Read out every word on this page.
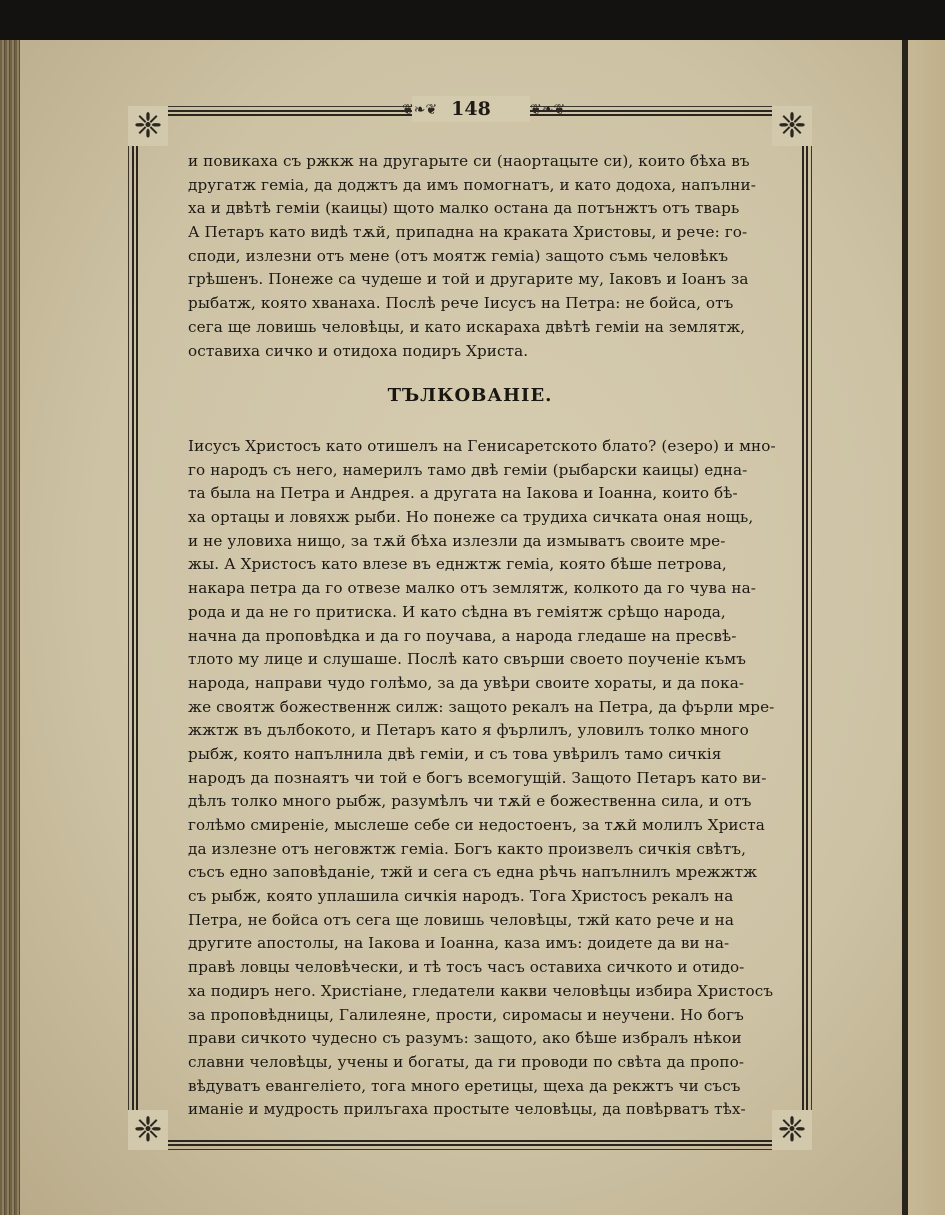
❈	❈
❈	❈
148
❦❧❦	❦❧❦
и повикаха съ ржкж на другарыте си (наортацыте си), които бѣха въ
другатж гемiа, да доджтъ да имъ помогнатъ, и като додоха, напълни-
ха и двѣтѣ гемiи (каицы) щото малко остана да потънжтъ отъ тварь
А Петаръ като видѣ тѫй, припадна на краката Христовы, и рече: го-
споди, излезни отъ мене (отъ моятж гемiа) защото съмь человѣкъ
грѣшенъ. Понеже са чудеше и той и другарите му, Iаковъ и Iоанъ за
рыбатж, която хванаха. Послѣ рече Iисусъ на Петра: не бойса, отъ
сега ще ловишь человѣцы, и като искараха двѣтѣ гемiи на землятж,
оставиха сичко и отидоха подиръ Христа.
ТЪЛКОВАНIЕ.
Iисусъ Христосъ като отишелъ на Генисаретското блато? (езеро) и мно-
го народъ съ него, намерилъ тамо двѣ гемiи (рыбарски каицы) една-
та была на Петра и Андрея. а другата на Iакова и Iоанна, които бѣ-
ха ортацы и ловяхж рыби. Но понеже са трудиха сичката оная нощь,
и не уловиха нищо, за тѫй бѣха излезли да измыватъ своите мре-
жы. А Христосъ като влезе въ еднжтж гемiа, която бѣше петрова,
накара петра да го отвезе малко отъ землятж, колкото да го чува на-
рода и да не го притиска. И като сѣдна въ гемiятж срѣщо народа,
начна да проповѣдка и да го поучава, а народа гледаше на пресвѣ-
тлото му лице и слушаше. Послѣ като свърши своето поученiе къмъ
народа, направи чудо голѣмо, за да увѣри своите хораты, и да пока-
же своятж божественнж силж: защото рекалъ на Петра, да фърли мре-
жжтж въ дълбокото, и Петаръ като я фърлилъ, уловилъ толко много
рыбж, която напълнила двѣ гемiи, и съ това увѣрилъ тамо сичкiя
народъ да познаятъ чи той е богъ всемогущiй. Защото Петаръ като ви-
дѣлъ толко много рыбж, разумѣлъ чи тѫй е божественна сила, и отъ
голѣмо смиренiе, мыслеше себе си недостоенъ, за тѫй молилъ Христа
да излезне отъ неговжтж гемiа. Богъ както произвелъ сичкiя свѣтъ,
съсъ едно заповѣданiе, тжй и сега съ една рѣчь напълнилъ мрежжтж
съ рыбж, която уплашила сичкiя народъ. Тога Христосъ рекалъ на
Петра, не бойса отъ сега ще ловишь человѣцы, тжй като рече и на
другите апостолы, на Iакова и Iоанна, каза имъ: доидете да ви на-
правѣ ловцы человѣчески, и тѣ тосъ часъ оставиха сичкото и отидо-
ха подиръ него. Христiане, гледатели какви человѣцы избира Христосъ
за проповѣдницы, Галилеяне, прости, сиромасы и неучени. Но богъ
прави сичкото чудесно съ разумъ: защото, ако бѣше избралъ нѣкои
славни человѣцы, учены и богаты, да ги проводи по свѣта да пропо-
вѣдуватъ евангелiето, тога много еретицы, щеха да рекжтъ чи съсъ
иманiе и мудрость прилъгаха простыте человѣцы, да повѣрватъ тѣх-
